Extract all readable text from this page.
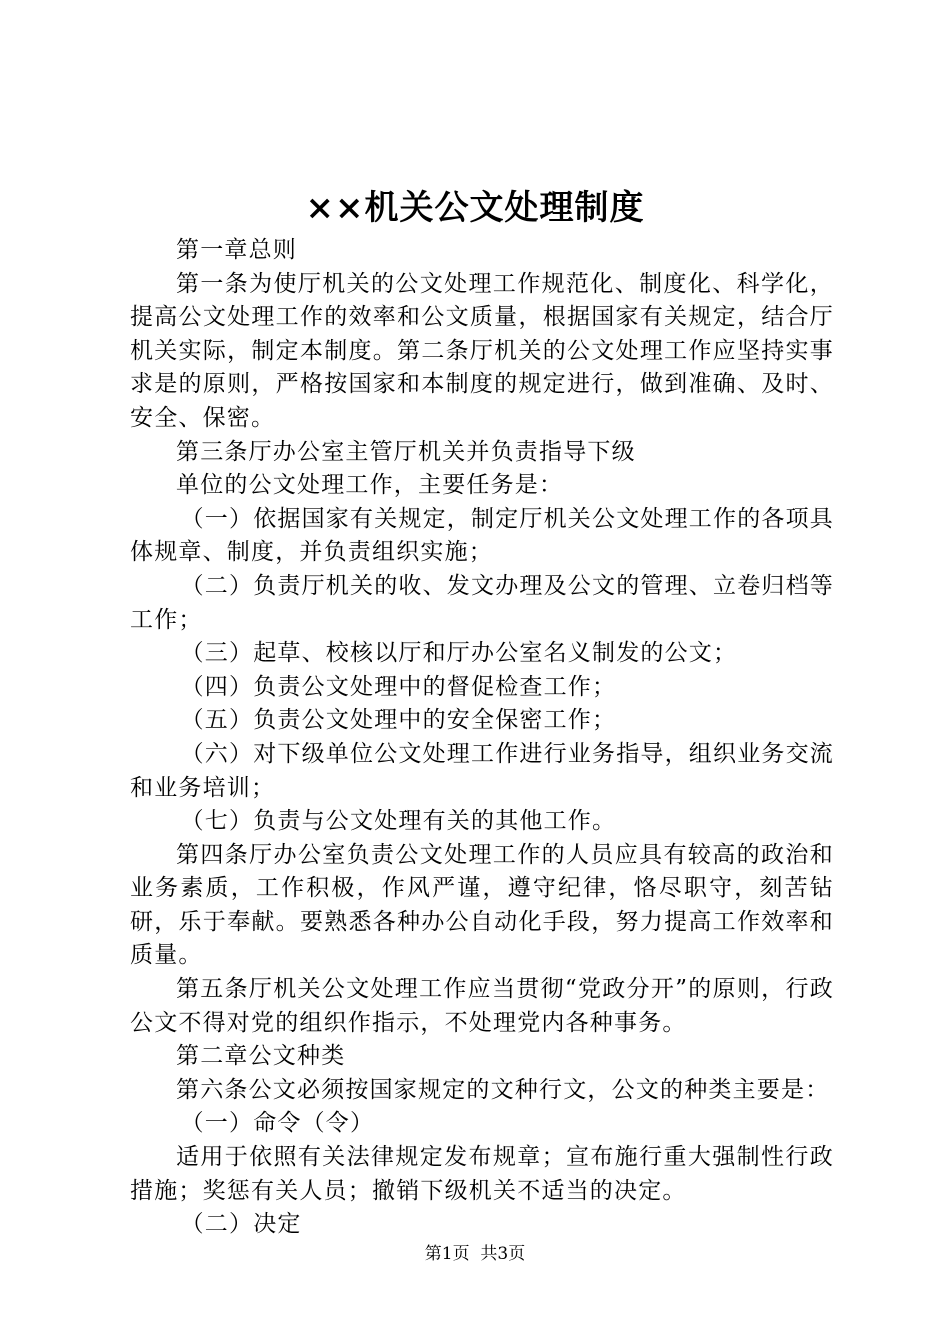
××机关公文处理制度

第一章总则

第一条为使厅机关的公文处理工作规范化、制度化、科学化，提高公文处理工作的效率和公文质量，根据国家有关规定，结合厅机关实际，制定本制度。第二条厅机关的公文处理工作应坚持实事求是的原则，严格按国家和本制度的规定进行，做到准确、及时、安全、保密。

第三条厅办公室主管厅机关并负责指导下级

单位的公文处理工作，主要任务是：

（一）依据国家有关规定，制定厅机关公文处理工作的各项具体规章、制度，并负责组织实施；

（二）负责厅机关的收、发文办理及公文的管理、立卷归档等工作；

（三）起草、校核以厅和厅办公室名义制发的公文；

（四）负责公文处理中的督促检查工作；

（五）负责公文处理中的安全保密工作；

（六）对下级单位公文处理工作进行业务指导，组织业务交流和业务培训；

（七）负责与公文处理有关的其他工作。

第四条厅办公室负责公文处理工作的人员应具有较高的政治和业务素质，工作积极，作风严谨，遵守纪律，恪尽职守，刻苦钻研，乐于奉献。要熟悉各种办公自动化手段，努力提高工作效率和质量。

第五条厅机关公文处理工作应当贯彻“党政分开”的原则，行政公文不得对党的组织作指示，不处理党内各种事务。

第二章公文种类

第六条公文必须按国家规定的文种行文，公文的种类主要是：

（一）命令（令）

适用于依照有关法律规定发布规章；宣布施行重大强制性行政措施；奖惩有关人员；撤销下级机关不适当的决定。

（二）决定

第1页  共3页
